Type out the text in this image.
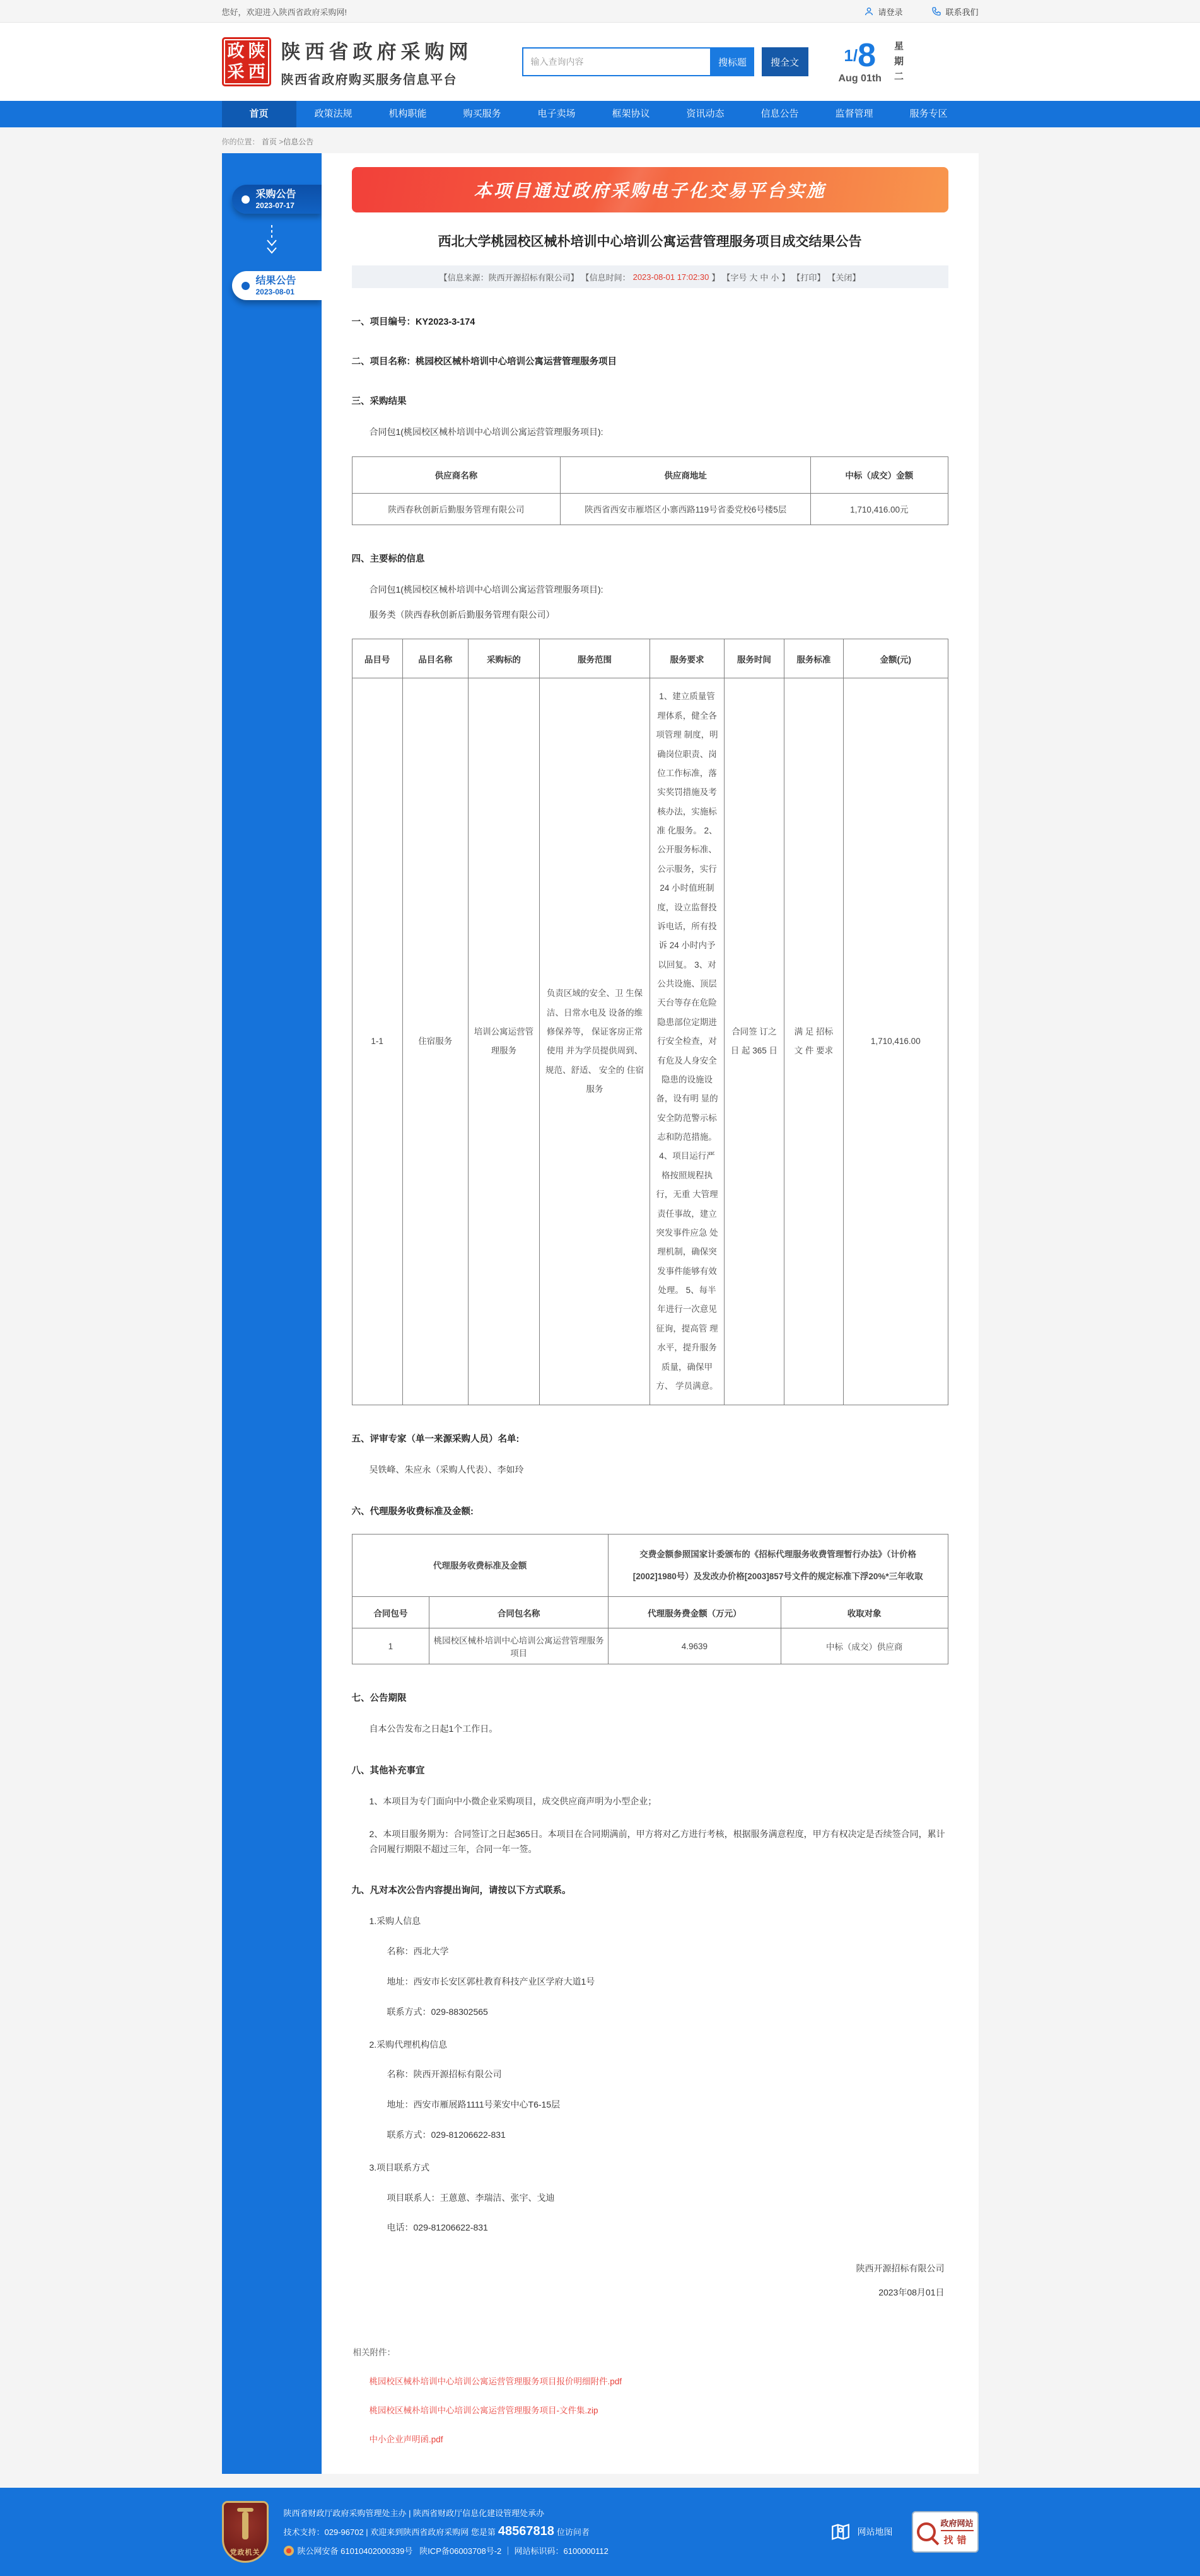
您好，欢迎进入陕西省政府采购网!	请登录	联系我们
政 陕
采 西
陕西省政府采购网
陕西省政府购买服务信息平台
输入查询内容
搜标题	搜全文	1/8
Aug 01th
星期二
首页	政策法规	机构职能	购买服务	电子卖场	框架协议	资讯动态	信息公告	监督管理	服务专区
你的位置： 首页 >信息公告
采购公告
2023-07-17
结果公告
2023-08-01
本项目通过政府采购电子化交易平台实施
西北大学桃园校区械朴培训中心培训公寓运营管理服务项目成交结果公告
【信息来源：陕西开源招标有限公司】 【信息时间： 2023-08-01 17:02:30 】 【字号 大 中 小 】 【打印】 【关闭】
一、项目编号：KY2023-3-174
二、项目名称：桃园校区械朴培训中心培训公寓运营管理服务项目
三、采购结果
合同包1(桃园校区械朴培训中心培训公寓运营管理服务项目):
供应商名称	供应商地址	中标（成交）金额
陕西春秋创新后勤服务管理有限公司	陕西省西安市雁塔区小寨西路119号省委党校6号楼5层	1,710,416.00元
四、主要标的信息
合同包1(桃园校区械朴培训中心培训公寓运营管理服务项目):
服务类（陕西春秋创新后勤服务管理有限公司）
品目号	品目名称	采购标的	服务范围	服务要求	服务时间	服务标准	金额(元)
1-1	住宿服务	培训公寓运营管理服务	负责区域的安全、卫 生保洁、日常水电及 设备的维修保养等， 保证客房正常使用 并为学员提供周到、 规范、舒适、 安全的 住宿服务	1、建立质量管理体系，健全各项管理 制度，明确岗位职责、岗位工作标准，落实奖罚措施及考核办法，实施标准 化服务。 2、公开服务标准、公示服务，实行 24 小时值班制度，设立监督投诉电话，所有投诉 24 小时内予以回复。 3、对公共设施、顶层天台等存在危险隐患部位定期进行安全检查，对有危及人身安全隐患的设施设备，设有明 显的安全防范警示标志和防范措施。 4、项目运行严格按照规程执行，无重 大管理责任事故，建立突发事件应急 处理机制，确保突发事件能够有效处理。 5、每半年进行一次意见征询，提高管 理水平，提升服务质量，确保甲方、 学员满意。	合同签 订之日 起 365 日	满 足 招标 文 件 要求	1,710,416.00
五、评审专家（单一来源采购人员）名单:
吴铁峰、朱应永（采购人代表）、李如玲
六、代理服务收费标准及金额:
代理服务收费标准及金额		交费金额参照国家计委颁布的《招标代理服务收费管理暂行办法》（计价格[2002]1980号）及发改办价格[2003]857号文件的规定标准下浮20%*三年收取	
合同包号	合同包名称	代理服务费金额（万元）	收取对象
1	桃园校区械朴培训中心培训公寓运营管理服务项目	4.9639	中标（成交）供应商
七、公告期限
自本公告发布之日起1个工作日。
八、其他补充事宜
1、本项目为专门面向中小微企业采购项目，成交供应商声明为小型企业；
2、本项目服务期为：合同签订之日起365日。本项目在合同期满前，甲方将对乙方进行考核，根据服务满意程度，甲方有权决定是否续签合同，累计合同履行期限不超过三年，合同一年一签。
九、凡对本次公告内容提出询问，请按以下方式联系。
1.采购人信息
名称：西北大学
地址：西安市长安区郭杜教育科技产业区学府大道1号
联系方式：029-88302565
2.采购代理机构信息
名称：陕西开源招标有限公司
地址：西安市雁展路1111号莱安中心T6-15层
联系方式：029-81206622-831
3.项目联系方式
项目联系人：王蒽蒽、李瑞洁、张宇、戈迪
电话：029-81206622-831
陕西开源招标有限公司
2023年08月01日
相关附件：
桃园校区械朴培训中心培训公寓运营管理服务项目报价明细附件.pdf
桃园校区械朴培训中心培训公寓运营管理服务项目-文件集.zip
中小企业声明函.pdf
党政机关
陕西省财政厅政府采购管理处主办 | 陕西省财政厅信息化建设管理处承办
技术支持：029-96702 | 欢迎来到陕西省政府采购网 您是第 48567818 位访问者
陕公网安备 61010402000339号
陕ICP备06003708号-2
｜
网站标识码：6100000112
网站地图
政府网站
找错
